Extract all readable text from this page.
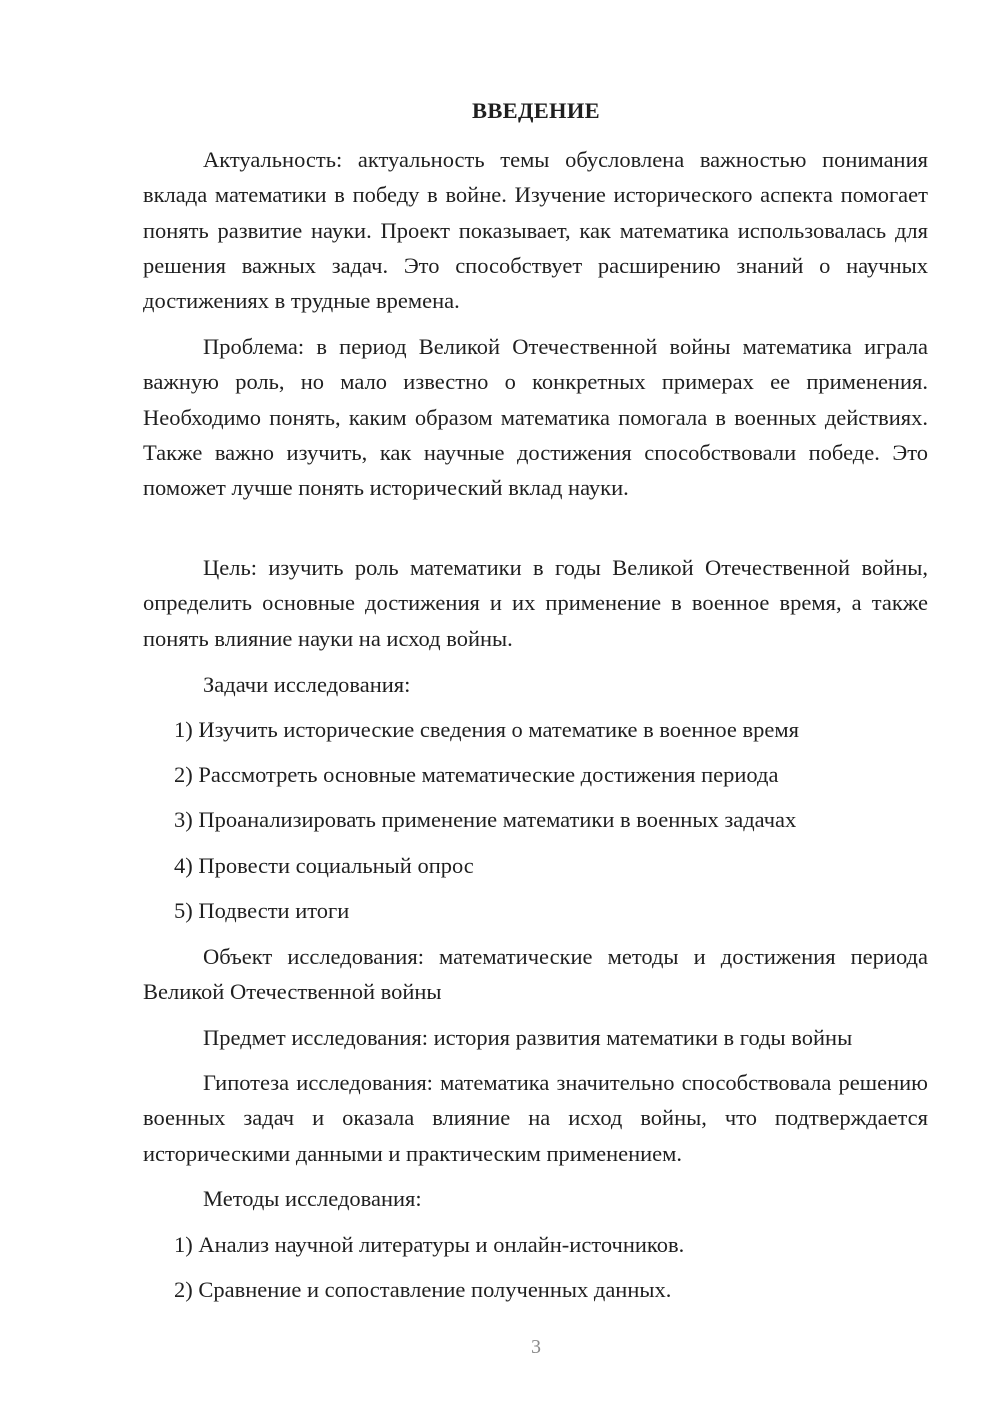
ВВЕДЕНИЕ

Актуальность: актуальность темы обусловлена важностью понимания вклада математики в победу в войне. Изучение исторического аспекта помогает понять развитие науки. Проект показывает, как математика использовалась для решения важных задач. Это способствует расширению знаний о научных достижениях в трудные времена.

Проблема: в период Великой Отечественной войны математика играла важную роль, но мало известно о конкретных примерах ее применения. Необходимо понять, каким образом математика помогала в военных действиях. Также важно изучить, как научные достижения способствовали победе. Это поможет лучше понять исторический вклад науки.

Цель: изучить роль математики в годы Великой Отечественной войны, определить основные достижения и их применение в военное время, а также понять влияние науки на исход войны.

Задачи исследования:
1) Изучить исторические сведения о математике в военное время
2) Рассмотреть основные математические достижения периода
3) Проанализировать применение математики в военных задачах
4) Провести социальный опрос
5) Подвести итоги

Объект исследования: математические методы и достижения периода Великой Отечественной войны

Предмет исследования: история развития математики в годы войны

Гипотеза исследования: математика значительно способствовала решению военных задач и оказала влияние на исход войны, что подтверждается историческими данными и практическим применением.

Методы исследования:
1) Анализ научной литературы и онлайн-источников.
2) Сравнение и сопоставление полученных данных.
3
